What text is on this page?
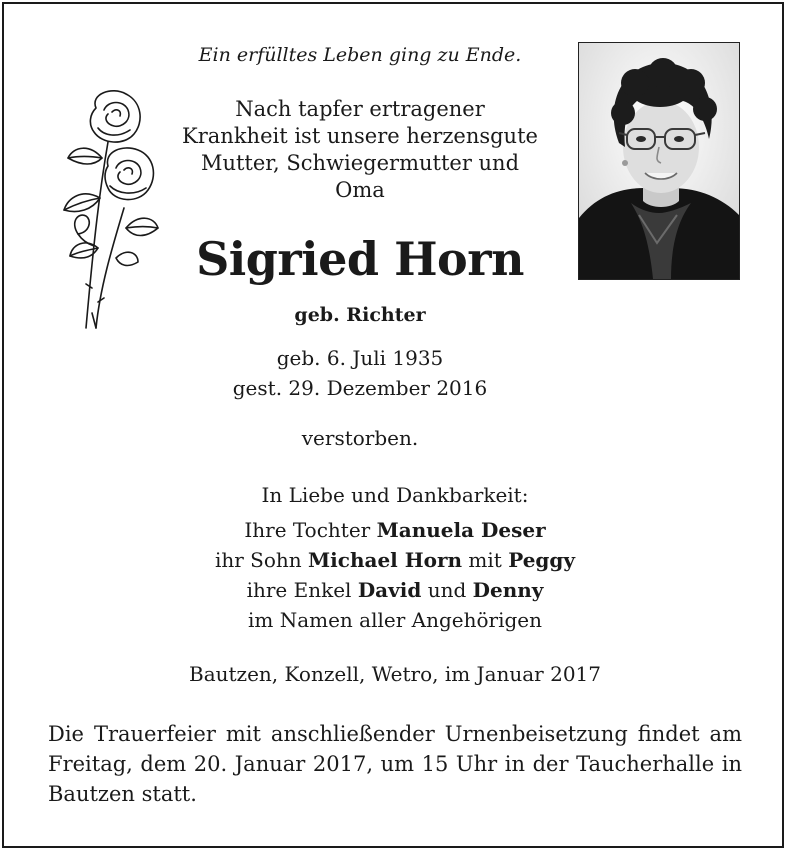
Ein erfülltes Leben ging zu Ende.
Nach tapfer ertragener Krankheit ist unsere herzensgute Mutter, Schwiegermutter und Oma
Sigried Horn
geb. Richter
geb. 6. Juli 1935
gest. 29. Dezember 2016
verstorben.
In Liebe und Dankbarkeit:
Ihre Tochter Manuela Deser
ihr Sohn Michael Horn mit Peggy
ihre Enkel David und Denny
im Namen aller Angehörigen
Bautzen, Konzell, Wetro, im Januar 2017
Die Trauerfeier mit anschließender Urnenbeisetzung findet am Freitag, dem 20. Januar 2017, um 15 Uhr in der Taucherhalle in Bautzen statt.
